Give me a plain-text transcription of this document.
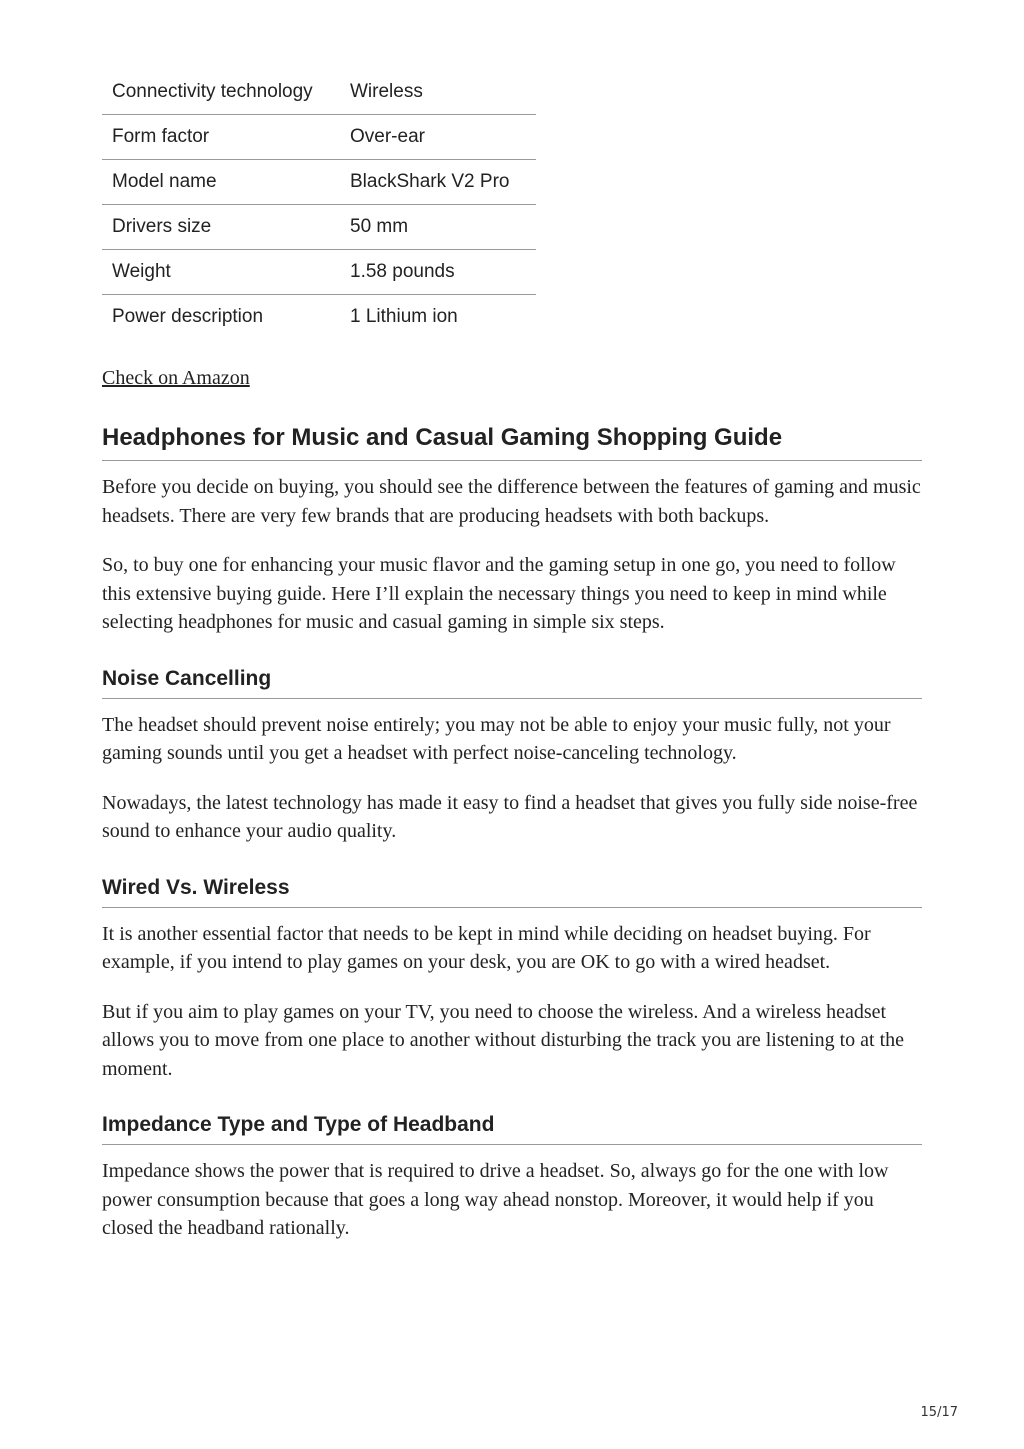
Connectivity technology	Wireless
Form factor	Over-ear
Model name	BlackShark V2 Pro
Drivers size	50 mm
Weight	1.58 pounds
Power description	1 Lithium ion
Check on Amazon
Headphones for Music and Casual Gaming Shopping Guide

Before you decide on buying, you should see the difference between the features of gaming and music headsets. There are very few brands that are producing headsets with both backups.

So, to buy one for enhancing your music flavor and the gaming setup in one go, you need to follow this extensive buying guide. Here I’ll explain the necessary things you need to keep in mind while selecting headphones for music and casual gaming in simple six steps.

Noise Cancelling

The headset should prevent noise entirely; you may not be able to enjoy your music fully, not your gaming sounds until you get a headset with perfect noise-canceling technology.

Nowadays, the latest technology has made it easy to find a headset that gives you fully side noise-free sound to enhance your audio quality.

Wired Vs. Wireless

It is another essential factor that needs to be kept in mind while deciding on headset buying. For example, if you intend to play games on your desk, you are OK to go with a wired headset.

But if you aim to play games on your TV, you need to choose the wireless. And a wireless headset allows you to move from one place to another without disturbing the track you are listening to at the moment.

Impedance Type and Type of Headband

Impedance shows the power that is required to drive a headset. So, always go for the one with low power consumption because that goes a long way ahead nonstop. Moreover, it would help if you closed the headband rationally.

15/17
